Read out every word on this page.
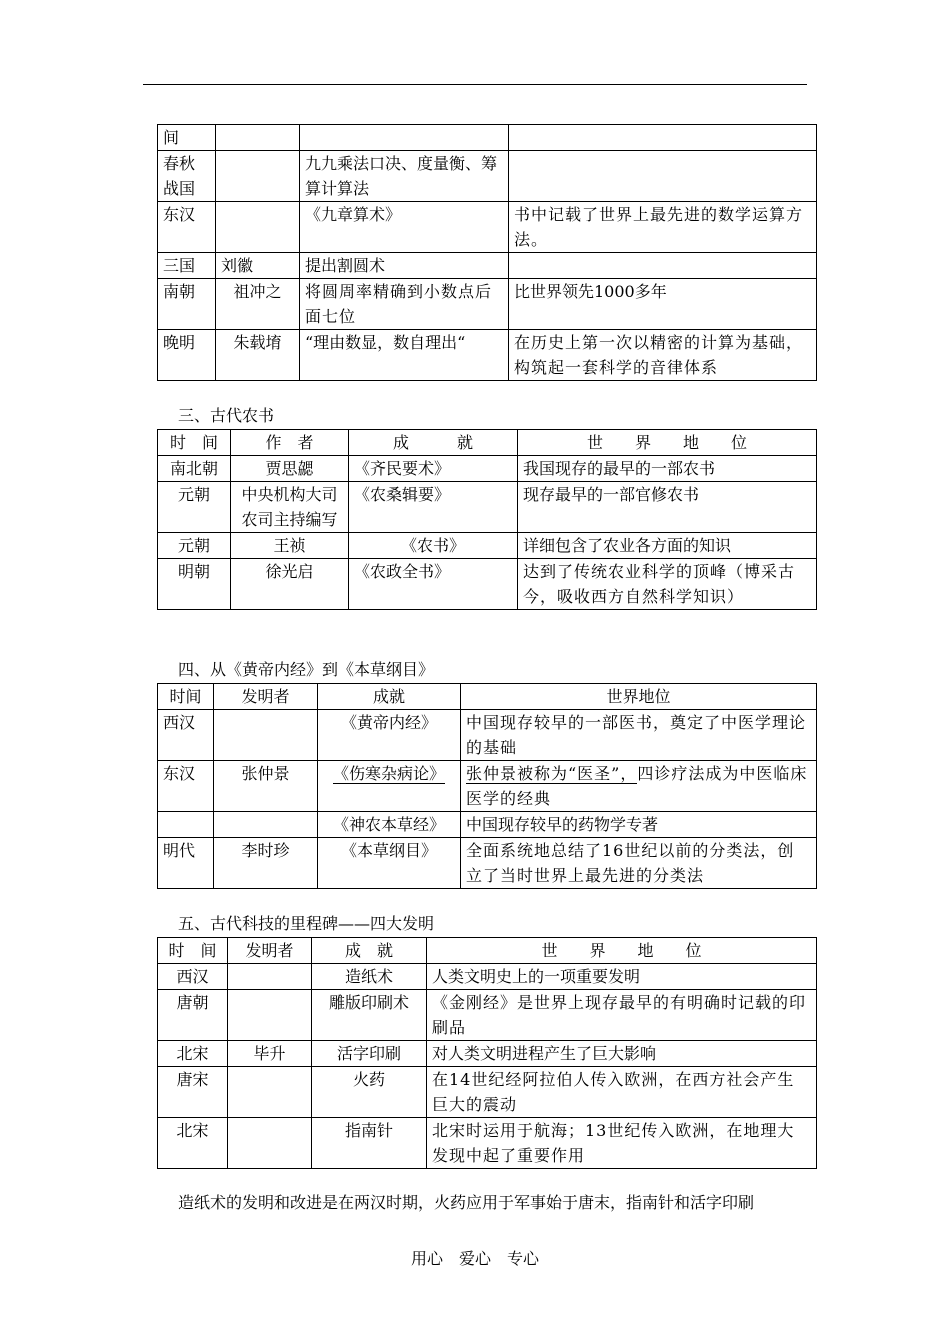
间			
春秋战国		九九乘法口决、度量衡、筹算计算法	
东汉		《九章算术》	书中记载了世界上最先进的数学运算方法。
三国	刘徽	提出割圆术	
南朝	祖冲之	将圆周率精确到小数点后面七位	比世界领先1000多年
晚明	朱载堉	“理由数显，数自理出“	在历史上第一次以精密的计算为基础，构筑起一套科学的音律体系
三、古代农书
时　间	作　者	成　　　就	世　　界　　地　　位
南北朝	贾思勰	《齐民要术》	我国现存的最早的一部农书
元朝	中央机构大司农司主持编写	《农桑辑要》	现存最早的一部官修农书
元朝	王祯	《农书》	详细包含了农业各方面的知识
明朝	徐光启	《农政全书》	达到了传统农业科学的顶峰（博采古今，吸收西方自然科学知识）
四、从《黄帝内经》到《本草纲目》
时间	发明者	成就	世界地位
西汉		《黄帝内经》	中国现存较早的一部医书，奠定了中医学理论的基础
东汉	张仲景	《伤寒杂病论》	张仲景被称为“医圣”，四诊疗法成为中医临床医学的经典
		《神农本草经》	中国现存较早的药物学专著
明代	李时珍	《本草纲目》	全面系统地总结了16世纪以前的分类法，创立了当时世界上最先进的分类法
五、古代科技的里程碑——四大发明
时　间	发明者	成　就	世　　界　　地　　位
西汉		造纸术	人类文明史上的一项重要发明
唐朝		雕版印刷术	《金刚经》是世界上现存最早的有明确时记载的印刷品
北宋	毕升	活字印刷	对人类文明进程产生了巨大影响
唐宋		火药	在14世纪经阿拉伯人传入欧洲，在西方社会产生巨大的震动
北宋		指南针	北宋时运用于航海；13世纪传入欧洲，在地理大发现中起了重要作用
造纸术的发明和改进是在两汉时期，火药应用于军事始于唐末，指南针和活字印刷
用心　爱心　专心
